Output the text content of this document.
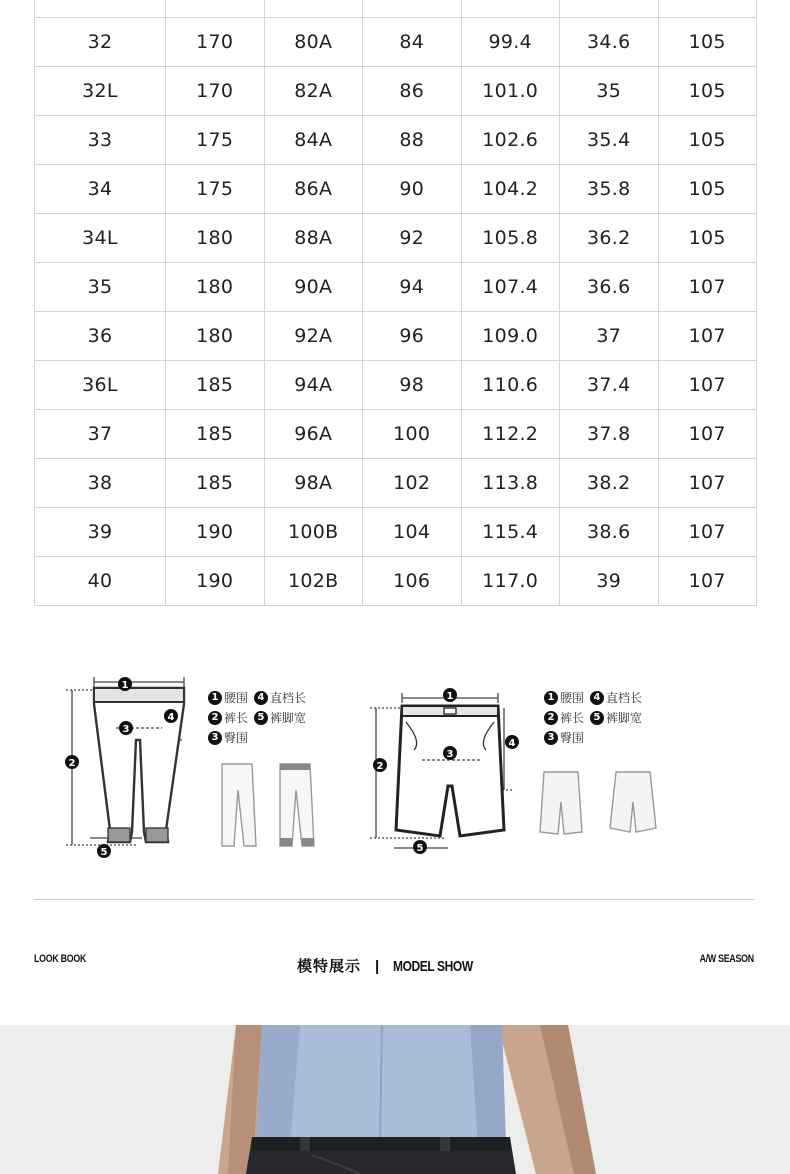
32	170	80A	84	99.4	34.6	105
32L	170	82A	86	101.0	35	105
33	175	84A	88	102.6	35.4	105
34	175	86A	90	104.2	35.8	105
34L	180	88A	92	105.8	36.2	105
35	180	90A	94	107.4	36.6	107
36	180	92A	96	109.0	37	107
36L	185	94A	98	110.6	37.4	107
37	185	96A	100	112.2	37.8	107
38	185	98A	102	113.8	38.2	107
39	190	100B	104	115.4	38.6	107
40	190	102B	106	117.0	39	107
1
3
2
4
5
1
3
2
4
5
1 腰围 4 直档长
2 裤长 5 裤脚宽
3 臀围
1 腰围 4 直档长
2 裤长 5 裤脚宽
3 臀围
LOOK BOOK	模特展示 | MODEL SHOW	A/W SEASON
